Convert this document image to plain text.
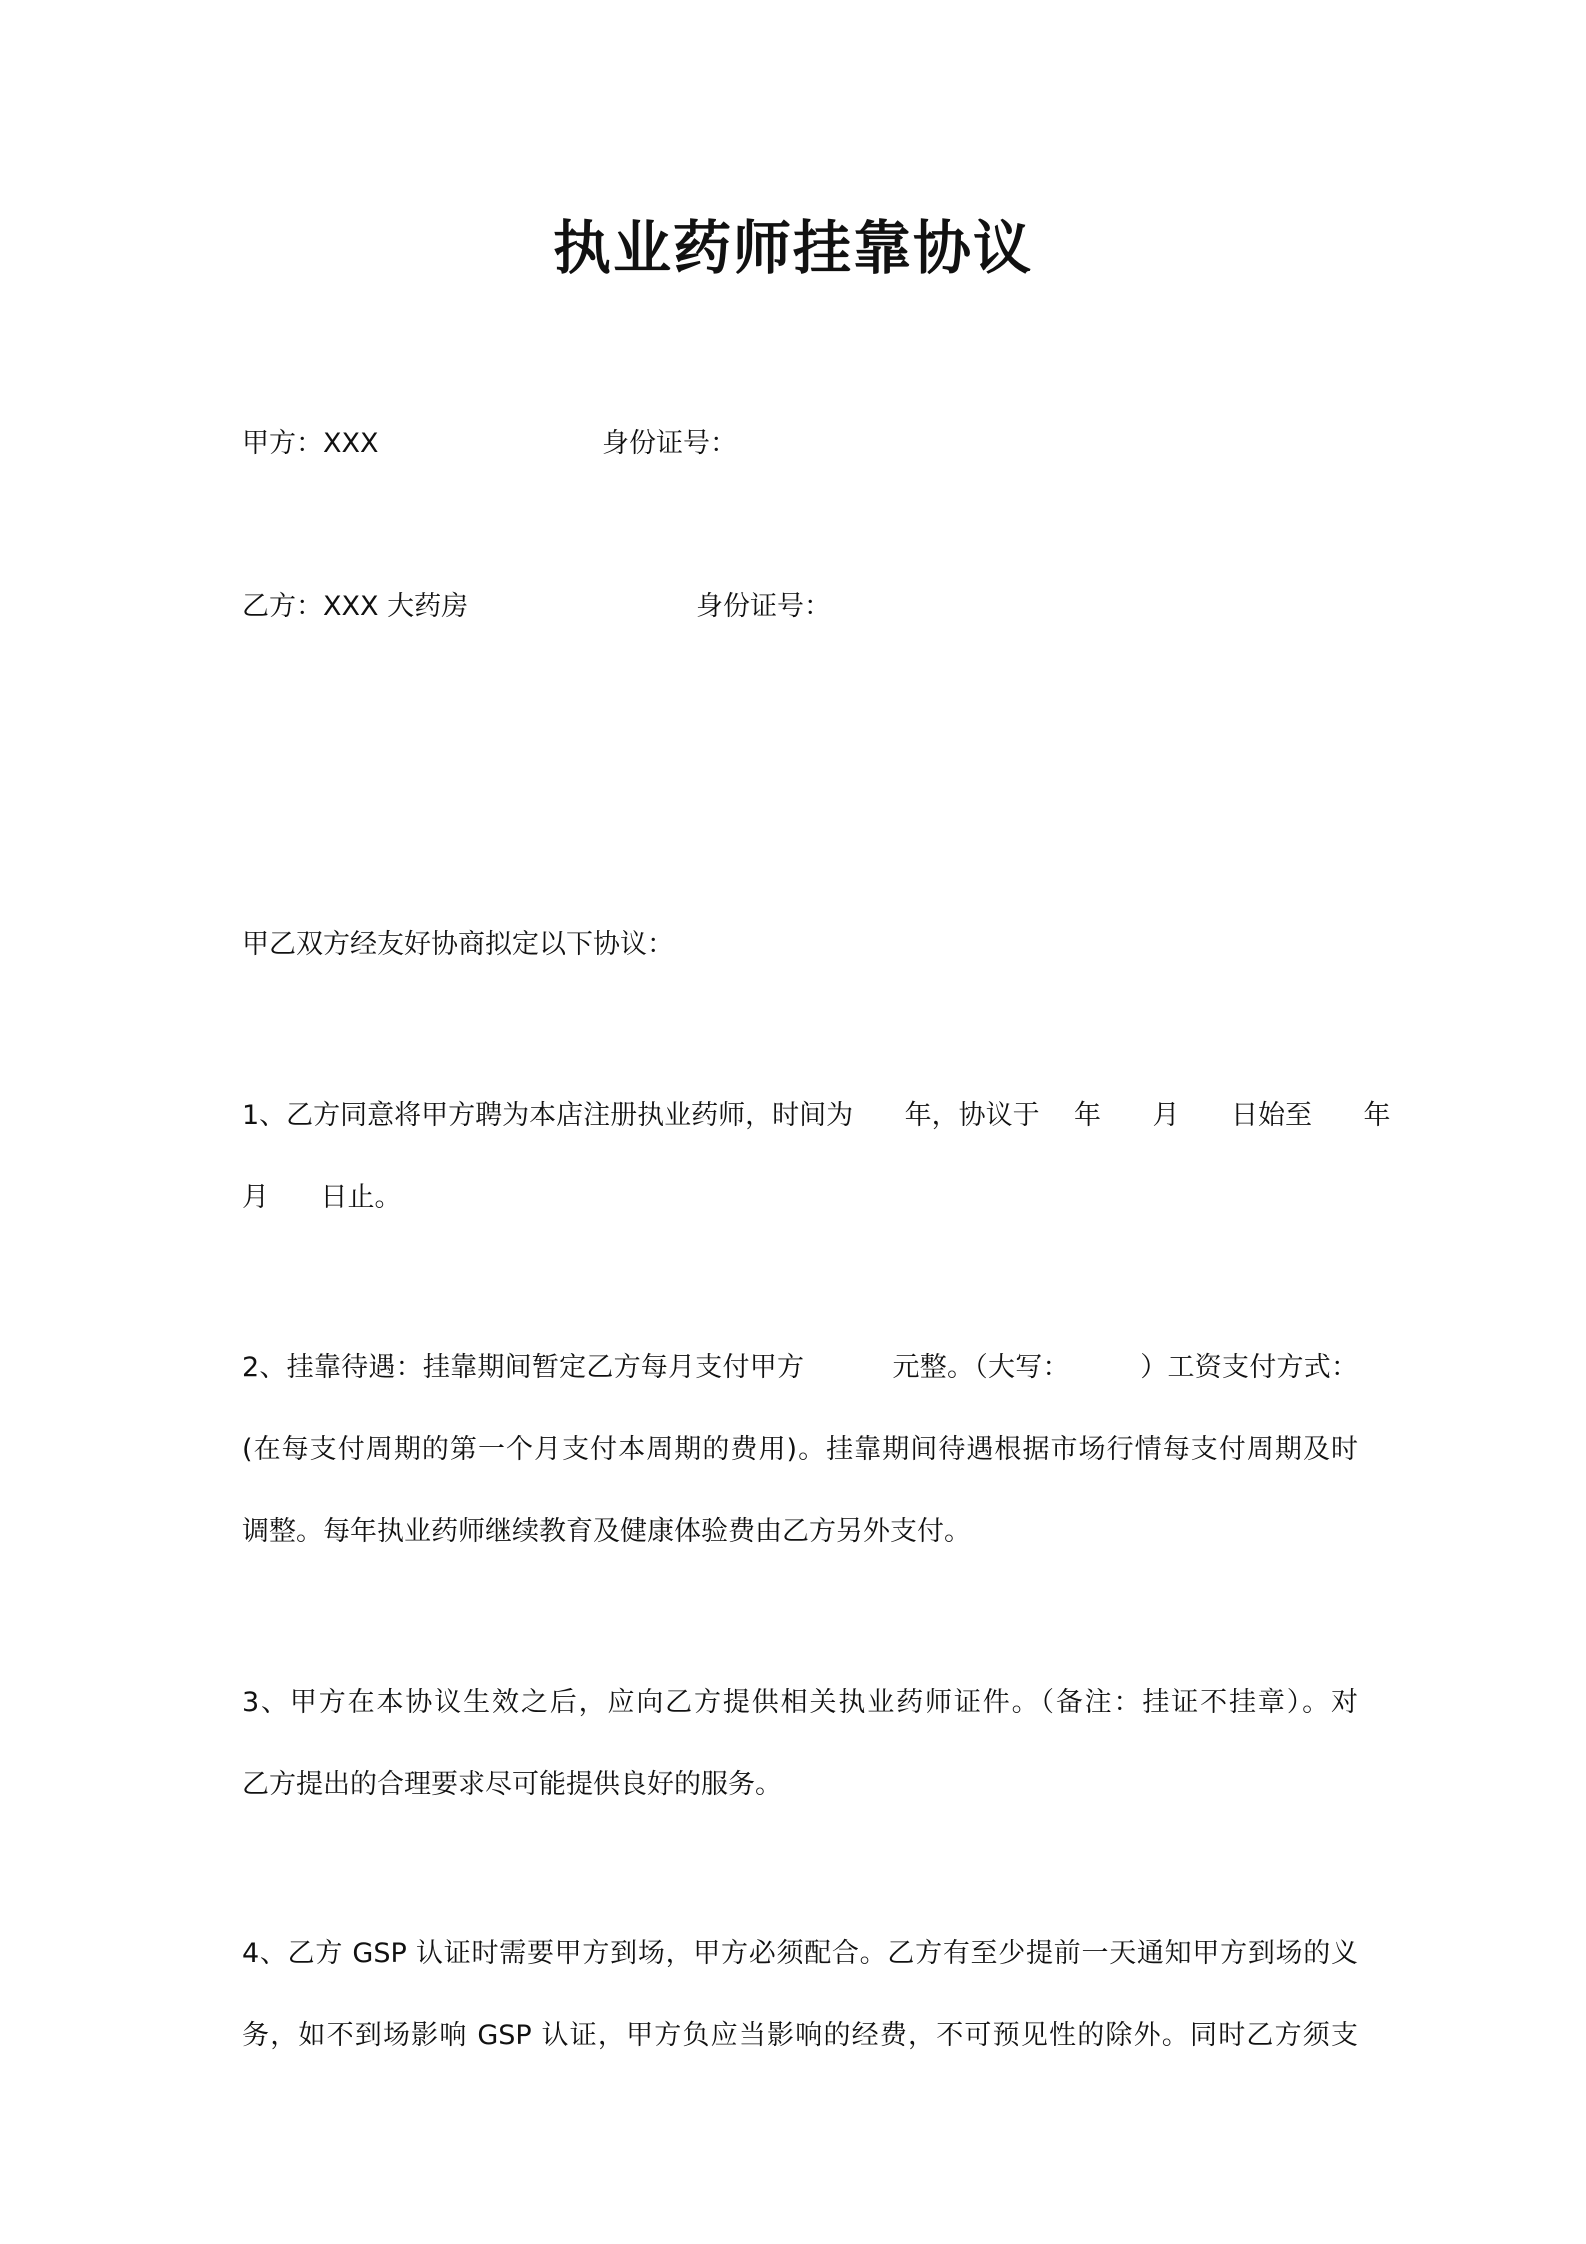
执业药师挂靠协议
甲方：XXX	身份证号：
乙方：XXX 大药房	身份证号：
甲乙双方经友好协商拟定以下协议：
1、乙方同意将甲方聘为本店注册执业药师，时间为      年，协议于    年      月      日始至      年
月      日止。
2、挂靠待遇：挂靠期间暂定乙方每月支付甲方          元整。（大写：        ）工资支付方式：
(在每支付周期的第一个月支付本周期的费用)。挂靠期间待遇根据市场行情每支付周期及时
调整。每年执业药师继续教育及健康体验费由乙方另外支付。
3、甲方在本协议生效之后，应向乙方提供相关执业药师证件。（备注：挂证不挂章）。对
乙方提出的合理要求尽可能提供良好的服务。
4、乙方 GSP 认证时需要甲方到场，甲方必须配合。乙方有至少提前一天通知甲方到场的义
务，如不到场影响 GSP 认证，甲方负应当影响的经费，不可预见性的除外。同时乙方须支
